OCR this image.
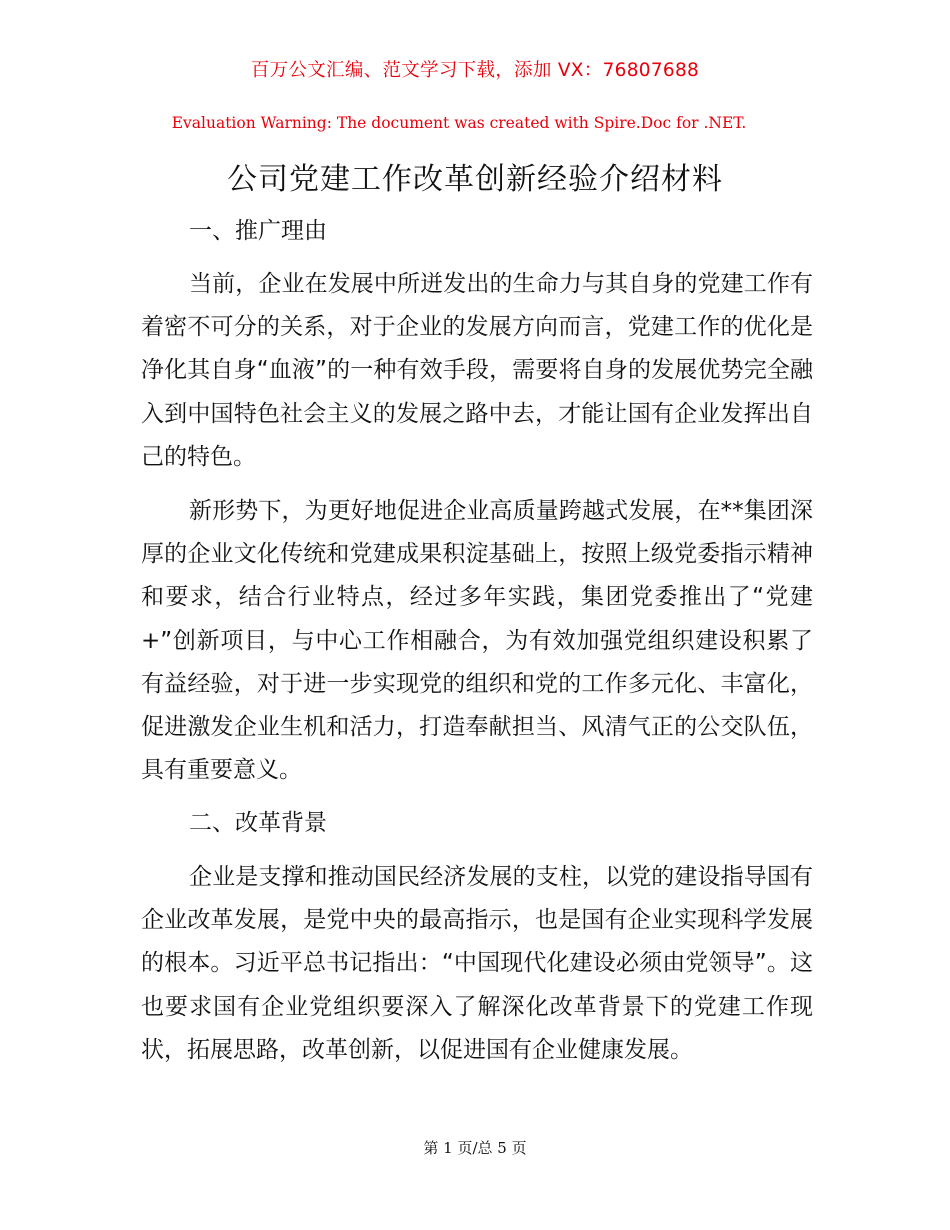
百万公文汇编、范文学习下载，添加 VX：76807688
Evaluation Warning: The document was created with Spire.Doc for .NET.
公司党建工作改革创新经验介绍材料
一、推广理由

当前，企业在发展中所迸发出的生命力与其自身的党建工作有着密不可分的关系，对于企业的发展方向而言，党建工作的优化是净化其自身“血液”的一种有效手段，需要将自身的发展优势完全融入到中国特色社会主义的发展之路中去，才能让国有企业发挥出自己的特色。

新形势下，为更好地促进企业高质量跨越式发展，在**集团深厚的企业文化传统和党建成果积淀基础上，按照上级党委指示精神和要求，结合行业特点，经过多年实践，集团党委推出了“党建+”创新项目，与中心工作相融合，为有效加强党组织建设积累了有益经验，对于进一步实现党的组织和党的工作多元化、丰富化，促进激发企业生机和活力，打造奉献担当、风清气正的公交队伍，具有重要意义。

二、改革背景

企业是支撑和推动国民经济发展的支柱，以党的建设指导国有企业改革发展，是党中央的最高指示，也是国有企业实现科学发展的根本。习近平总书记指出：“中国现代化建设必须由党领导”。这也要求国有企业党组织要深入了解深化改革背景下的党建工作现状，拓展思路，改革创新，以促进国有企业健康发展。

第 1 页/总 5 页
